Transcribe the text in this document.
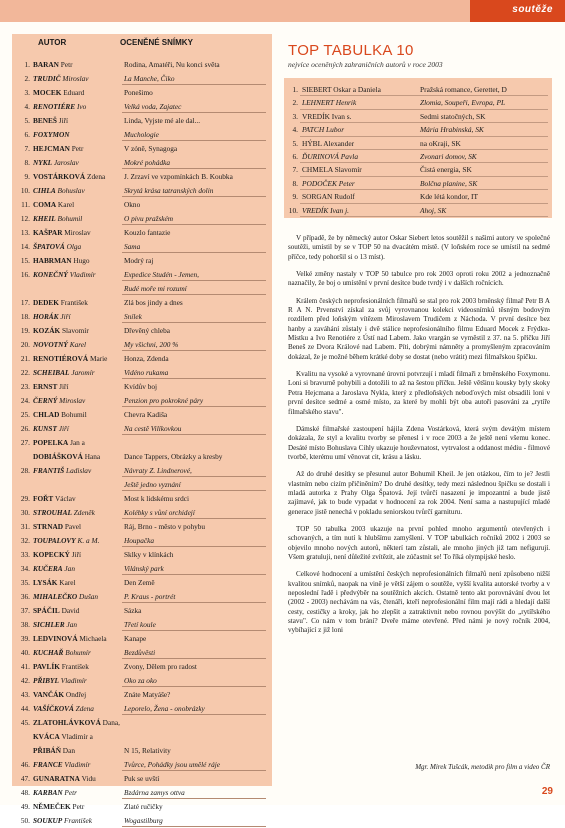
soutěže
AUTOR	OCENĚNÉ SNÍMKY
1. BARAN Petr	Rodina, Amatéři, Nu konci světa
2. TRUDIČ Miroslav	La Manche, Čiko
3. MOCEK Eduard	Ponešimo
4. RENOTIÉRE Ivo	Velká voda, Zajatec
5. BENEŠ Jiří	Linda, Vyjste mé ale dal...
6. FOXYMON	Muchologie
7. HEJCMAN Petr	V zóně, Synagoga
8. NYKL Jaroslav	Mokré pohádka
9. VOSTÁRKOVÁ Zdena	J. Zrzaví ve vzpomínkách B. Koubka
10. CIHLA Bohuslav	Skrytá krása tatranských dolin
11. COMA Karel	Okno
12. KHEIL Bohumil	O pivu pražském
13. KAŠPAR Miroslav	Kouzlo fantazie
14. ŠPATOVÁ Olga	Sama
15. HABRMAN Hugo	Modrý raj
16. KONEČNÝ Vladimír	Expedice Studén - Jemen,
Rudé moře mi rozumí
17. DEDEK František	Zlá bos jindy a dnes
18. HORÁK Jiří	Snílek
19. KOZÁK Slavomír	Dřevěný chleba
20. NOVOTNÝ Karel	My všichni, 200 %
21. RENOTIÉROVÁ Marie	Honza, Zdenda
22. SCHEIBAL Jaromír	Vidéno rukama
23. ERNST Jiří	Kvídův boj
24. ČERNÝ Miroslav	Penzion pro pokrokné páry
25. CHLAD Bohumil	Chevra Kadiša
26. KUNST Jiří	Na cestě Vilíkovkou
27. POPELKA Jan a
DOBIÁŠKOVÁ Hana	Dance Tappers, Obrázky a kresby
28. FRANTIŠ Ladislav	Návraty Z. Lindnerové,
Ještě jedno vyznání
29. FOŘT Václav	Most k lidskému srdci
30. STROUHAL Zdeněk	Kolébky s vůní orchidejí
31. STRNAD Pavel	Ráj, Brno - město v pohybu
32. TOUPALOVY K. a M.	Houpačka
33. KOPECKÝ Jiří	Sklky v klínkách
34. KUČERA Jan	Vilánský park
35. LYSÁK Karel	Den Země
36. MIHALEČKO Dušan	P. Kraus - portrét
37. SPÁČIL David	Sázka
38. SICHLER Jan	Třetí koule
39. LEDVINOVÁ Michaela	Kanape
40. KUCHAŘ Bohumír	Bezdůvěsti
41. PAVLÍK František	Zvony, Dělem pro radost
42. PŘIBYL Vladimír	Oko za oko
43. VANČÁK Ondřej	Znáte Matyáše?
44. VAŠÍČKOVÁ Zdena	Leporelo, Žena - onobrázky
45. ZLATOHLÁVKOVÁ Dana,
KVÁCA Vladimír a
PŘIBÁŇ Dan	N 15, Relativity
46. FRANCE Vladimír	Tvůrce, Pohádky jsou umělé ráje
47. GUNARATNA Vidu	Puk se uvští
48. KARBAN Petr	Bzdárna zamys ottva
49. NĚMEČEK Petr	Zlaté ručičky
50. SOUKUP František	Wogastilburg
TOP TABULKA 10
nejvíce oceněných zahraničních autorů v roce 2003
1. SIEBERT Oskar a Daniela	Pražská romance, Gerettet, D
2. LEHNERT Henrik	Zlomia, Soupeři, Evropa, PL
3. VREDÍK Ivan s.	Sedmi statočných, SK
4. PATCH Lubor	Mária Hrabinská, SK
5. HÝBL Alexander	na oKraji, SK
6. ĎURINOVÁ Pavla	Zvonari domov, SK
7. CHMELA Slavomír	Čistá energia, SK
8. PODOČEK Peter	Bolčna planine, SK
9. SORGAN Rudolf	Kde létá kondor, IT
10. VREDÍK Ivan j.	Ahoj, SK

V případě, že by německý autor Oskar Siebert letos soutěžil s našimi autory ve společné soutěži, umístil by se v TOP 50 na dvacátém místě. (V loňském roce se umístil na sedmé příčce, tedy pohoršil si o 13 míst).

Velké změny nastaly v TOP 50 tabulce pro rok 2003 oproti roku 2002 a jednoznačně naznačily, že boj o umístění v první desítce bude tvrdý i v dalších ročnících.

Králem českých neprofesionálních filmařů se stal pro rok 2003 brněnský filmař Petr B A R A N. Prvenství získal za svůj vyrovnanou kolekci videosnímků těsným bodovým rozdílem před loňským vítězem Miroslavem Trudičem z Náchoda. V první desítce bez hanby a zaváhání zůstaly i dvě stálice neprofesionálního filmu Eduard Mocek z Frýdku-Místku a Ivo Renotiére z Ústí nad Labem. Jako vrargán se vyměstil z 37. na 5. příčku Jiří Beneš ze Dvora Králové nad Labem. Píti, dobrými námněty a promyšleným zpracováním dokázal, že je možné během krátké doby se dostat (nebo vrátit) mezi filmařskou špičku.

Kvalitu na vysoké a vyrovnané úrovni potvrzují i mladí filmaři z brněnského Foxymonu. Loni si bravurně pohybili a dotožili to až na šestou příčku. Ještě většinu kousky byly skoky Petra Hejcmana a Jaroslava Nykla, který z předloňských neboďových míst obsadili loni v první desítce sedmé a osmé místo, za které by mohli být oba autoři pasováni za „rytíře filmařského stavu".

Dámské filmařské zastoupení hájila Zdena Vostárková, která svým devátým místem dokázala, že styl a kvalitu tvorby se přenesl i v roce 2003 a že ještě není všemu konec. Desáté místo Bohuslava Cihly ukazuje houževnatost, vytrvalost a oddanost médiu - filmové tvorbě, kterému umí věnovat cit, krásu a lásku.

Až do druhé desítky se přesunul autor Bohumil Kheil. Je jen otázkou, čím to je? Jestli vlastním nebo cizím přičiněním? Do druhé desítky, tedy mezi následnou špičku se dostali i mladá autorka z Prahy Olga Špatová. Její tvůrčí nasazení je impozantní a bude jistě zajímavé, jak to bude vypadat v hodnocení za rok 2004. Není sama a nastupující mladé generace jistě nenechá v pokladu seniorskou tvůrčí garnituru.

TOP 50 tabulka 2003 ukazuje na první pohled mnoho argumentů otevřených i schovaných, a tím nutí k hlubšímu zamyšlení. V TOP tabulkách ročníků 2002 i 2003 se objevilo mnoho nových autorů, některí tam zůstali, ale mnoho jiných již tam nefigurují. Všem gratuluji, není důležité zvítězit, ale zúčastnit se! To říká olympijské heslo.

Celkové hodnocení a umístění českých neprofesionálních filmařů není způsobeno nižší kvalitou snímků, naopak na vině je větší zájem o soutěže, vyšší kvalita autorské tvorby a v neposlední řadě i předvýběr na soutěžních akcích. Ostatně tento akt porovnávání dvou let (2002 - 2003) nechávám na vás, čtenáři, kteří neprofesionální film mají rádi a hledají další cesty, cestičky a kroky, jak ho zlepšit a zatraktivnit nebo rovnou povýšit do „rytířského stavu". Co nám v tom brání? Dveře máme otevřené. Před námi je nový ročník 2004, vybíhající z již loni

Mgr. Mirek Tušcák, metodik pro film a video ČR
29
